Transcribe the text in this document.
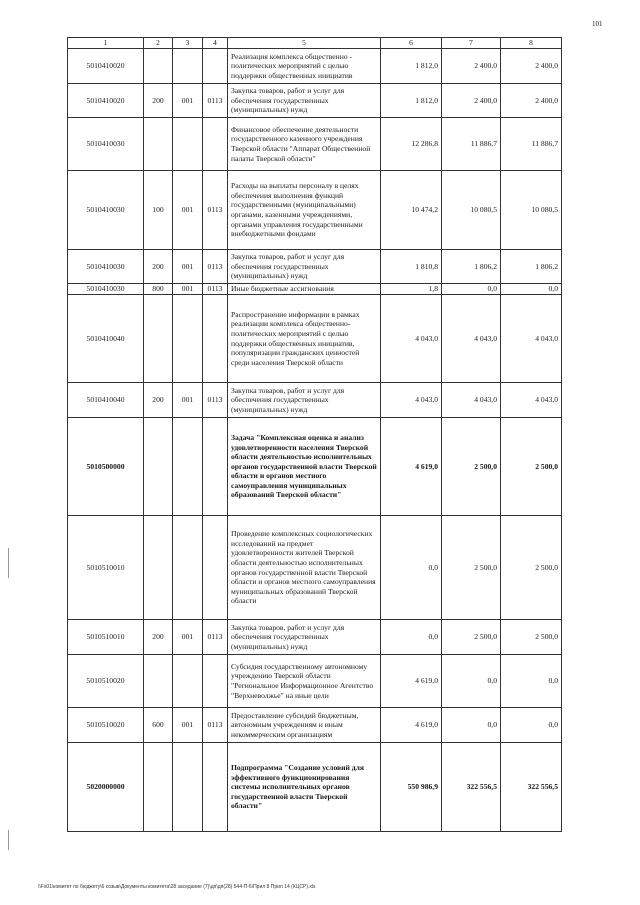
101
1	2	3	4	5	6	7	8
5010410020				Реализация комплекса общественно - политических мероприятий с целью поддержки общественных инициатив	1 812,0	2 400,0	2 400,0
5010410020	200	001	0113	Закупка товаров, работ и услуг для обеспечения государственных (муниципальных) нужд	1 812,0	2 400,0	2 400,0
5010410030				Финансовое обеспечение деятельности государственного казенного учреждения Тверской области "Аппарат Общественной палаты Тверской области"	12 286,8	11 886,7	11 886,7
5010410030	100	001	0113	Расходы на выплаты персоналу в целях обеспечения выполнения функций государственными (муниципальными) органами, казенными учреждениями, органами управления государственными внебюджетными фондами	10 474,2	10 080,5	10 080,5
5010410030	200	001	0113	Закупка товаров, работ и услуг для обеспечения государственных (муниципальных) нужд	1 810,8	1 806,2	1 806,2
5010410030	800	001	0113	Иные бюджетные ассигнования	1,8	0,0	0,0
5010410040				Распространение информации в рамках реализации комплекса общественно-политических мероприятий с целью поддержки общественных инициатив, популяризации гражданских ценностей среди населения Тверской области	4 043,0	4 043,0	4 043,0
5010410040	200	001	0113	Закупка товаров, работ и услуг для обеспечения государственных (муниципальных) нужд	4 043,0	4 043,0	4 043,0
5010500000				Задача "Комплексная оценка и анализ удовлетворенности населения Тверской области деятельностью исполнительных органов государственной власти Тверской области и органов местного самоуправления муниципальных образований Тверской области"	4 619,0	2 500,0	2 500,0
5010510010				Проведение комплексных социологических исследований на предмет удовлетворенности жителей Тверской области деятельностью исполнительных органов государственной власти Тверской области и органов местного самоуправления муниципальных образований Тверской области	0,0	2 500,0	2 500,0
5010510010	200	001	0113	Закупка товаров, работ и услуг для обеспечения государственных (муниципальных) нужд	0,0	2 500,0	2 500,0
5010510020				Субсидия государственному автономному учреждению Тверской области "Региональное Информационное Агентство "Верхневолжье" на иные цели	4 619,0	0,0	0,0
5010510020	600	001	0113	Предоставление субсидий бюджетным, автономным учреждениям и иным некоммерческим организациям	4 619,0	0,0	0,0
5020000000				Подпрограмма "Создание условий для эффективного функционирования системы исполнительных органов государственной власти Тверской области"	550 986,9	322 556,5	322 556,5
\\Fs01\комитет по бюджету\6 созыв\Документы комитета\28 заседание (7)\дп\дп(28) 544-П-6\Прил 8 Прил 14 (КЦСР).xls
